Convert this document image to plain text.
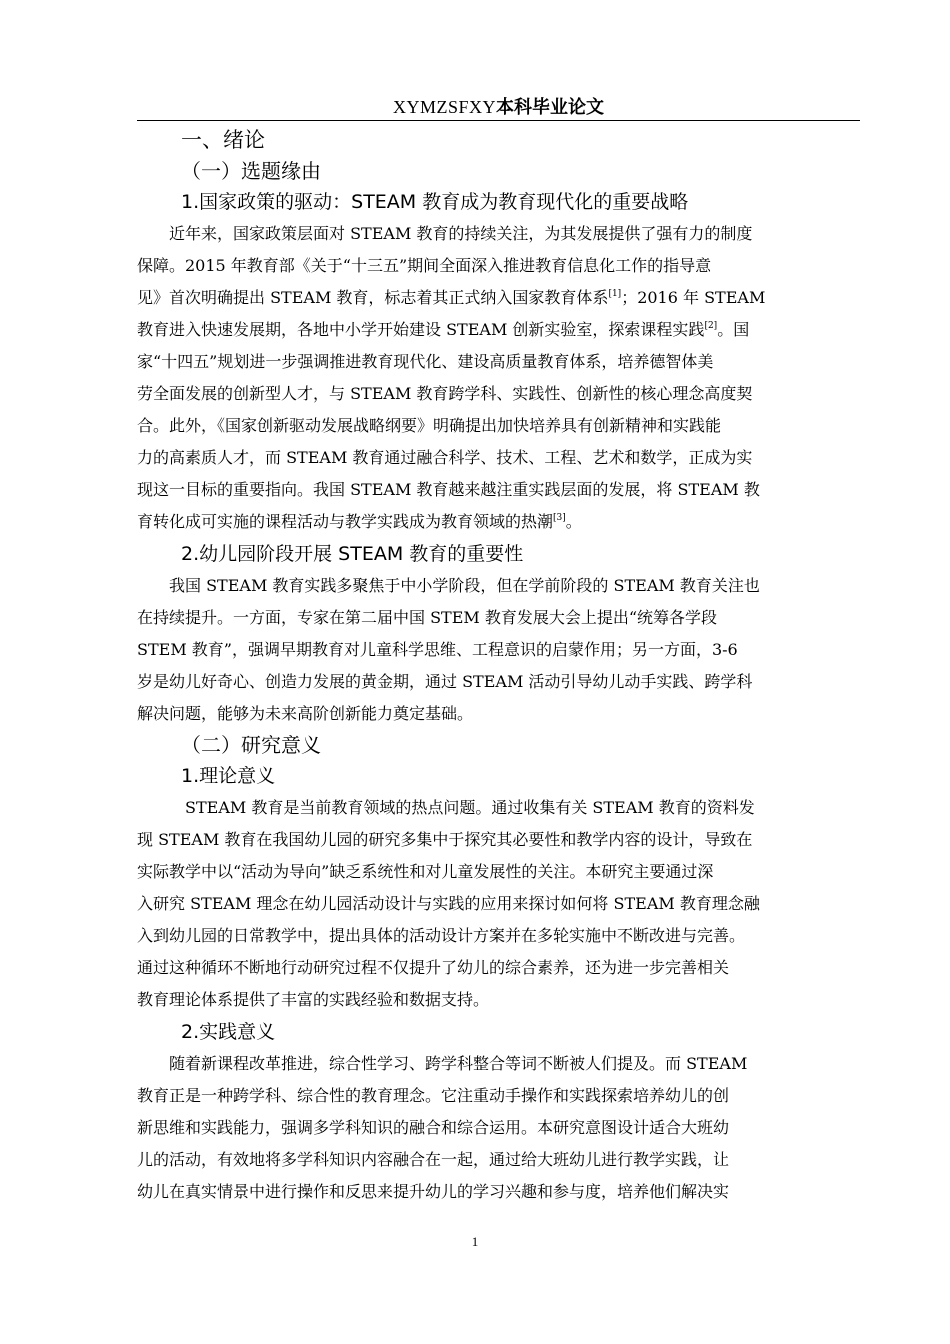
XYMZSFXY本科毕业论文
一、绪论
（一）选题缘由
1.国家政策的驱动：STEAM 教育成为教育现代化的重要战略
近年来，国家政策层面对 STEAM 教育的持续关注，为其发展提供了强有力的制度
保障。2015 年教育部《关于“十三五”期间全面深入推进教育信息化工作的指导意
见》首次明确提出 STEAM 教育，标志着其正式纳入国家教育体系[1]；2016 年 STEAM
教育进入快速发展期，各地中小学开始建设 STEAM 创新实验室，探索课程实践[2]。国
家“十四五”规划进一步强调推进教育现代化、建设高质量教育体系，培养德智体美
劳全面发展的创新型人才，与 STEAM 教育跨学科、实践性、创新性的核心理念高度契
合。此外，《国家创新驱动发展战略纲要》明确提出加快培养具有创新精神和实践能
力的高素质人才，而 STEAM 教育通过融合科学、技术、工程、艺术和数学，正成为实
现这一目标的重要指向。我国 STEAM 教育越来越注重实践层面的发展，将 STEAM 教
育转化成可实施的课程活动与教学实践成为教育领域的热潮[3]。
2.幼儿园阶段开展 STEAM 教育的重要性
我国 STEAM 教育实践多聚焦于中小学阶段，但在学前阶段的 STEAM 教育关注也
在持续提升。一方面，专家在第二届中国 STEM 教育发展大会上提出“统筹各学段
STEM 教育”，强调早期教育对儿童科学思维、工程意识的启蒙作用；另一方面，3-6
岁是幼儿好奇心、创造力发展的黄金期，通过 STEAM 活动引导幼儿动手实践、跨学科
解决问题，能够为未来高阶创新能力奠定基础。
（二）研究意义
1.理论意义
STEAM 教育是当前教育领域的热点问题。通过收集有关 STEAM 教育的资料发
现 STEAM 教育在我国幼儿园的研究多集中于探究其必要性和教学内容的设计，导致在
实际教学中以“活动为导向”缺乏系统性和对儿童发展性的关注。本研究主要通过深
入研究 STEAM 理念在幼儿园活动设计与实践的应用来探讨如何将 STEAM 教育理念融
入到幼儿园的日常教学中，提出具体的活动设计方案并在多轮实施中不断改进与完善。
通过这种循环不断地行动研究过程不仅提升了幼儿的综合素养，还为进一步完善相关
教育理论体系提供了丰富的实践经验和数据支持。
2.实践意义
随着新课程改革推进，综合性学习、跨学科整合等词不断被人们提及。而 STEAM
教育正是一种跨学科、综合性的教育理念。它注重动手操作和实践探索培养幼儿的创
新思维和实践能力，强调多学科知识的融合和综合运用。本研究意图设计适合大班幼
儿的活动，有效地将多学科知识内容融合在一起，通过给大班幼儿进行教学实践，让
幼儿在真实情景中进行操作和反思来提升幼儿的学习兴趣和参与度，培养他们解决实
1
